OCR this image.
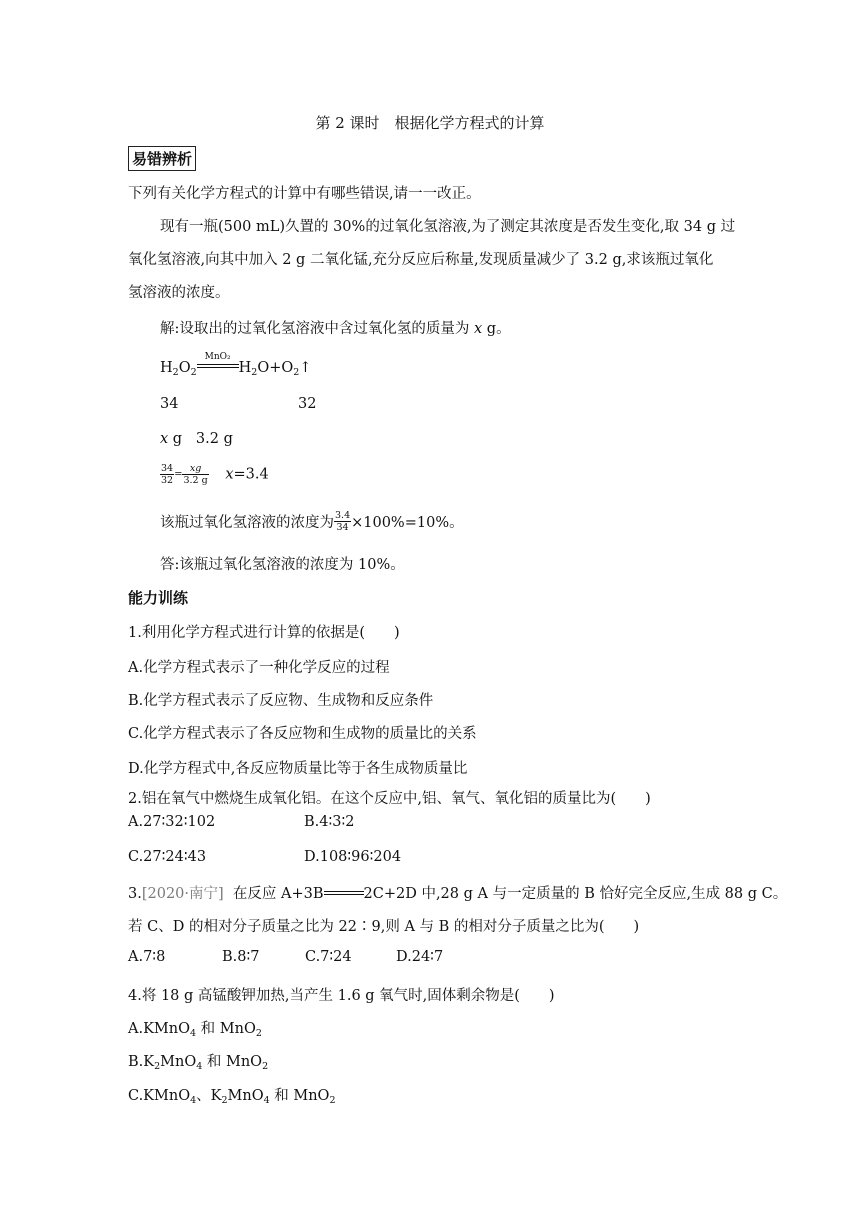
第 2 课时　根据化学方程式的计算
易错辨析
下列有关化学方程式的计算中有哪些错误,请一一改正。
现有一瓶(500 mL)久置的 30%的过氧化氢溶液,为了测定其浓度是否发生变化,取 34 g 过
氧化氢溶液,向其中加入 2 g 二氧化锰,充分反应后称量,发现质量减少了 3.2 g,求该瓶过氧化
氢溶液的浓度。
解:设取出的过氧化氢溶液中含过氧化氢的质量为 x g。
$H_2O_2$
MnO₂
$H_2O+O_2↑$
34	32
x g   3.2 g
$\frac{34}{32} = \frac{xg}{3.2 g} x=3.4$
该瓶过氧化氢溶液的浓度为 $\frac{3.4}{34} \times 100\%=10\%$。
答:该瓶过氧化氢溶液的浓度为 10%。
能力训练
1.利用化学方程式进行计算的依据是(　　)
A.化学方程式表示了一种化学反应的过程
B.化学方程式表示了反应物、生成物和反应条件
C.化学方程式表示了各反应物和生成物的质量比的关系
D.化学方程式中,各反应物质量比等于各生成物质量比
2.铝在氧气中燃烧生成氧化铝。在这个反应中,铝、氧气、氧化铝的质量比为(　　)
A.27∶32∶102	B.4∶3∶2
C.27∶24∶43	D.108∶96∶204
3.[2020·南宁]  在反应 A+3B	2C+2D 中,28 g A 与一定质量的 B 恰好完全反应,生成 88 g C。
若 C、D 的相对分子质量之比为 22∶9,则 A 与 B 的相对分子质量之比为(　　)
A.7∶8	B.8∶7	C.7∶24	D.24∶7
4.将 18 g 高锰酸钾加热,当产生 1.6 g 氧气时,固体剩余物是(　　)
A.KMnO$_4$ 和 MnO$_2$
$B.K_2MnO_4$ 和 MnO$_2$
C.KMnO$_4$、$K_2MnO_4$ 和 MnO$_2$
